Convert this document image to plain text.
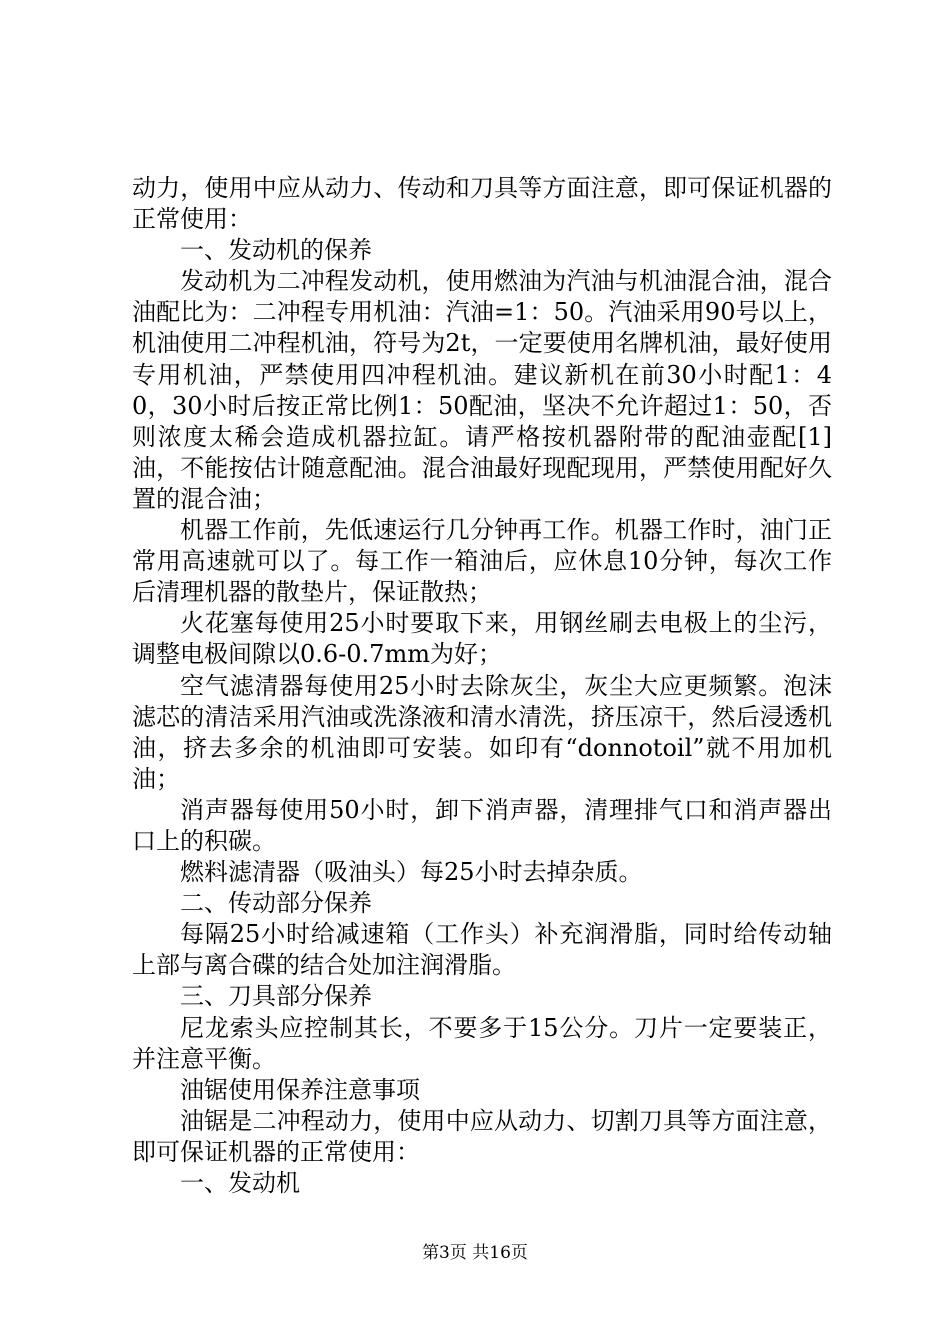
动力，使用中应从动力、传动和刀具等方面注意，即可保证机器的正常使用：

一、发动机的保养

发动机为二冲程发动机，使用燃油为汽油与机油混合油，混合油配比为：二冲程专用机油：汽油=1：50。汽油采用90号以上，机油使用二冲程机油，符号为2t，一定要使用名牌机油，最好使用专用机油，严禁使用四冲程机油。建议新机在前30小时配1：40，30小时后按正常比例1：50配油，坚决不允许超过1：50，否则浓度太稀会造成机器拉缸。请严格按机器附带的配油壶配[1]油，不能按估计随意配油。混合油最好现配现用，严禁使用配好久置的混合油；

机器工作前，先低速运行几分钟再工作。机器工作时，油门正常用高速就可以了。每工作一箱油后，应休息10分钟，每次工作后清理机器的散垫片，保证散热；

火花塞每使用25小时要取下来，用钢丝刷去电极上的尘污，调整电极间隙以0.6-0.7mm为好；

空气滤清器每使用25小时去除灰尘，灰尘大应更频繁。泡沫滤芯的清洁采用汽油或洗涤液和清水清洗，挤压凉干，然后浸透机油，挤去多余的机油即可安装。如印有“donnotoil”就不用加机油；

消声器每使用50小时，卸下消声器，清理排气口和消声器出口上的积碳。

燃料滤清器（吸油头）每25小时去掉杂质。

二、传动部分保养

每隔25小时给减速箱（工作头）补充润滑脂，同时给传动轴上部与离合碟的结合处加注润滑脂。

三、刀具部分保养

尼龙索头应控制其长，不要多于15公分。刀片一定要装正，并注意平衡。

油锯使用保养注意事项

油锯是二冲程动力，使用中应从动力、切割刀具等方面注意，即可保证机器的正常使用：

一、发动机

第3页 共16页
